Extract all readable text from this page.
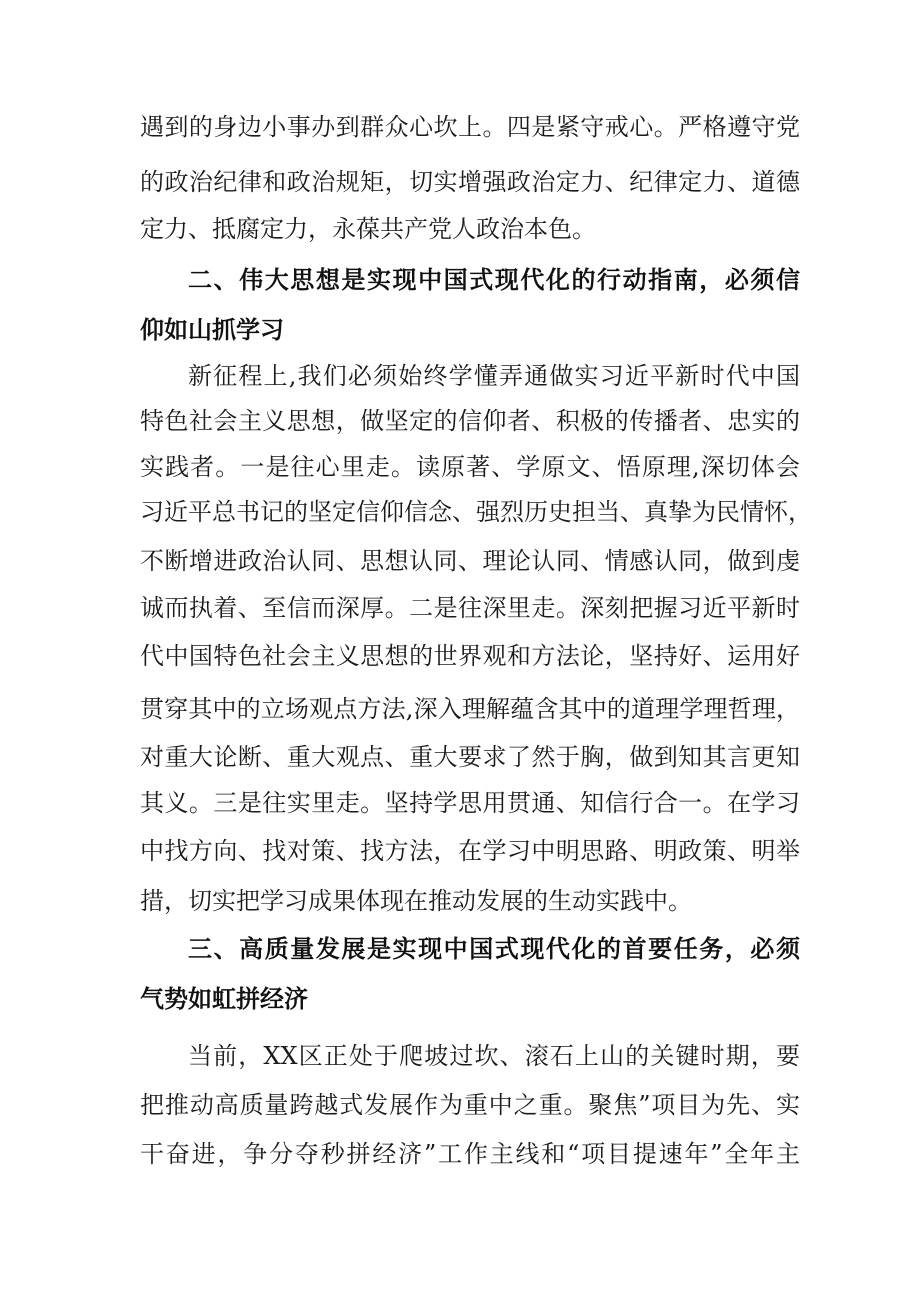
遇到的身边小事办到群众心坎上。四是紧守戒心。严格遵守党
的政治纪律和政治规矩，切实增强政治定力、纪律定力、道德
定力、抵腐定力，永葆共产党人政治本色。
二、伟大思想是实现中国式现代化的行动指南，必须信
仰如山抓学习
新征程上,我们必须始终学懂弄通做实习近平新时代中国
特色社会主义思想，做坚定的信仰者、积极的传播者、忠实的
实践者。一是往心里走。读原著、学原文、悟原理,深切体会
习近平总书记的坚定信仰信念、强烈历史担当、真挚为民情怀，
不断增进政治认同、思想认同、理论认同、情感认同，做到虔
诚而执着、至信而深厚。二是往深里走。深刻把握习近平新时
代中国特色社会主义思想的世界观和方法论，坚持好、运用好
贯穿其中的立场观点方法,深入理解蕴含其中的道理学理哲理，
对重大论断、重大观点、重大要求了然于胸，做到知其言更知
其义。三是往实里走。坚持学思用贯通、知信行合一。在学习
中找方向、找对策、找方法，在学习中明思路、明政策、明举
措，切实把学习成果体现在推动发展的生动实践中。
三、高质量发展是实现中国式现代化的首要任务，必须
气势如虹拼经济
当前，XX区正处于爬坡过坎、滚石上山的关键时期，要
把推动高质量跨越式发展作为重中之重。聚焦”项目为先、实
干奋进，争分夺秒拼经济”工作主线和“项目提速年”全年主
